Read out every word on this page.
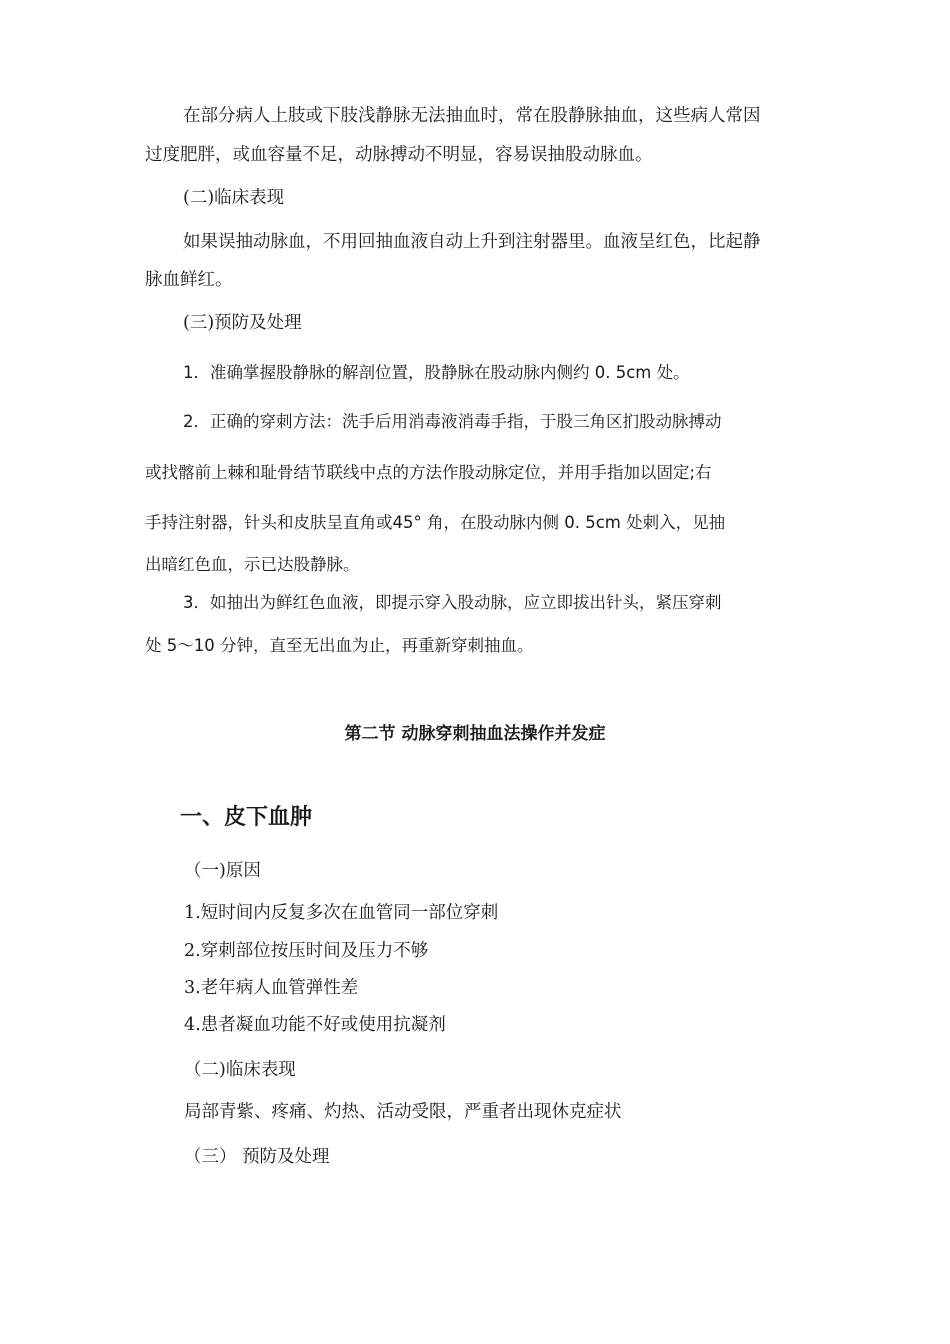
在部分病人上肢或下肢浅静脉无法抽血时，常在股静脉抽血，这些病人常因
过度肥胖，或血容量不足，动脉搏动不明显，容易误抽股动脉血。
(二)临床表现
如果误抽动脉血，不用回抽血液自动上升到注射器里。血液呈红色，比起静
脉血鲜红。
(三)预防及处理
1．准确掌握股静脉的解剖位置，股静脉在股动脉内侧约 0. 5cm 处。
2．正确的穿刺方法：洗手后用消毒液消毒手指，于股三角区扪股动脉搏动
或找髂前上棘和耻骨结节联线中点的方法作股动脉定位，并用手指加以固定;右
手持注射器，针头和皮肤呈直角或45° 角，在股动脉内侧 0. 5cm 处刺入，见抽
出暗红色血，示已达股静脉。
3．如抽出为鲜红色血液，即提示穿入股动脉，应立即拔出针头，紧压穿刺
处 5～10 分钟，直至无出血为止，再重新穿刺抽血。
第二节 动脉穿刺抽血法操作并发症
一、皮下血肿
（一)原因
1.短时间内反复多次在血管同一部位穿刺
2.穿刺部位按压时间及压力不够
3.老年病人血管弹性差
4.患者凝血功能不好或使用抗凝剂
（二)临床表现
局部青紫、疼痛、灼热、活动受限，严重者出现休克症状
（三） 预防及处理
